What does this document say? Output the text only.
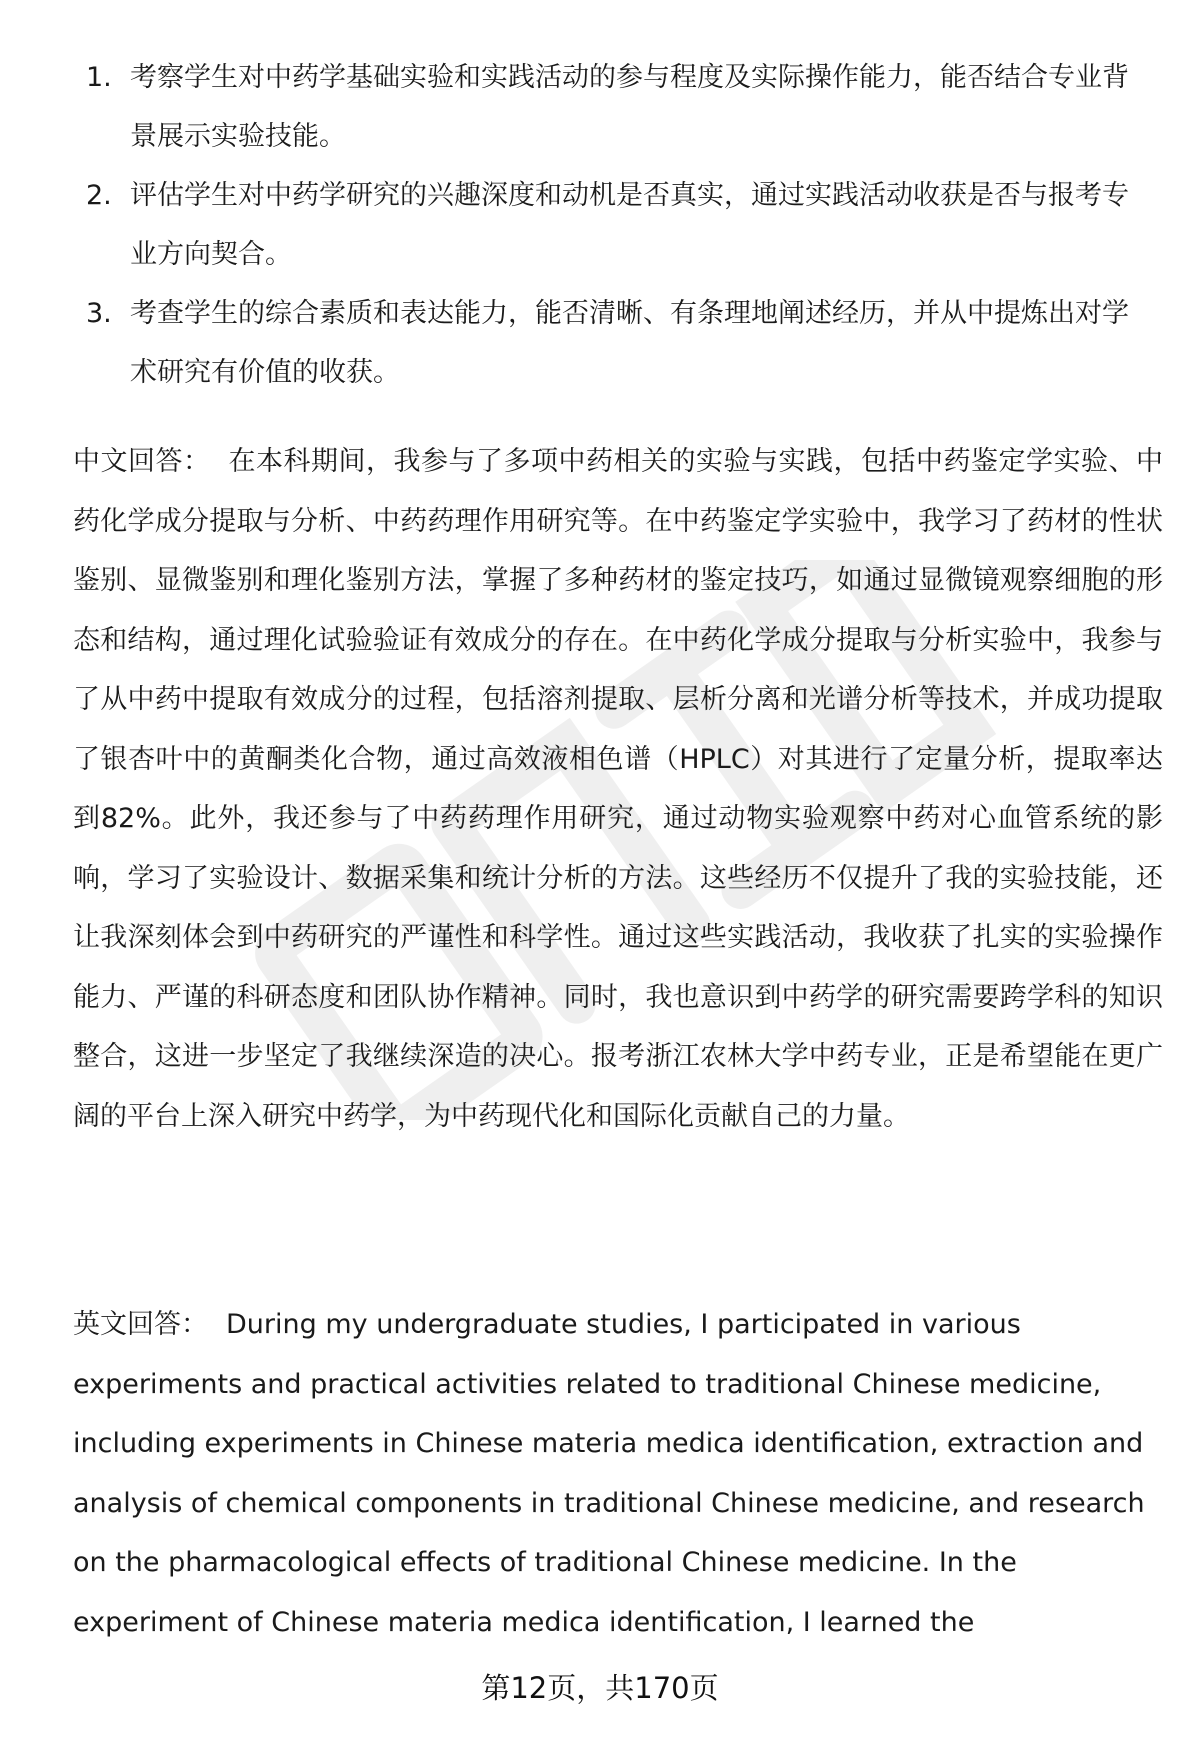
1. 考察学生对中药学基础实验和实践活动的参与程度及实际操作能力，能否结合专业背景展示实验技能。
2. 评估学生对中药学研究的兴趣深度和动机是否真实，通过实践活动收获是否与报考专业方向契合。
3. 考查学生的综合素质和表达能力，能否清晰、有条理地阐述经历，并从中提炼出对学术研究有价值的收获。

中文回答： 在本科期间，我参与了多项中药相关的实验与实践，包括中药鉴定学实验、中药化学成分提取与分析、中药药理作用研究等。在中药鉴定学实验中，我学习了药材的性状鉴别、显微鉴别和理化鉴别方法，掌握了多种药材的鉴定技巧，如通过显微镜观察细胞的形态和结构，通过理化试验验证有效成分的存在。在中药化学成分提取与分析实验中，我参与了从中药中提取有效成分的过程，包括溶剂提取、层析分离和光谱分析等技术，并成功提取了银杏叶中的黄酮类化合物，通过高效液相色谱（HPLC）对其进行了定量分析，提取率达到82%。此外，我还参与了中药药理作用研究，通过动物实验观察中药对心血管系统的影响，学习了实验设计、数据采集和统计分析的方法。这些经历不仅提升了我的实验技能，还让我深刻体会到中药研究的严谨性和科学性。通过这些实践活动，我收获了扎实的实验操作能力、严谨的科研态度和团队协作精神。同时，我也意识到中药学的研究需要跨学科的知识整合，这进一步坚定了我继续深造的决心。报考浙江农林大学中药专业，正是希望能在更广阔的平台上深入研究中药学，为中药现代化和国际化贡献自己的力量。

英文回答： During my undergraduate studies, I participated in various experiments and practical activities related to traditional Chinese medicine, including experiments in Chinese materia medica identification, extraction and analysis of chemical components in traditional Chinese medicine, and research on the pharmacological effects of traditional Chinese medicine. In the experiment of Chinese materia medica identification, I learned the

第12页，共170页
